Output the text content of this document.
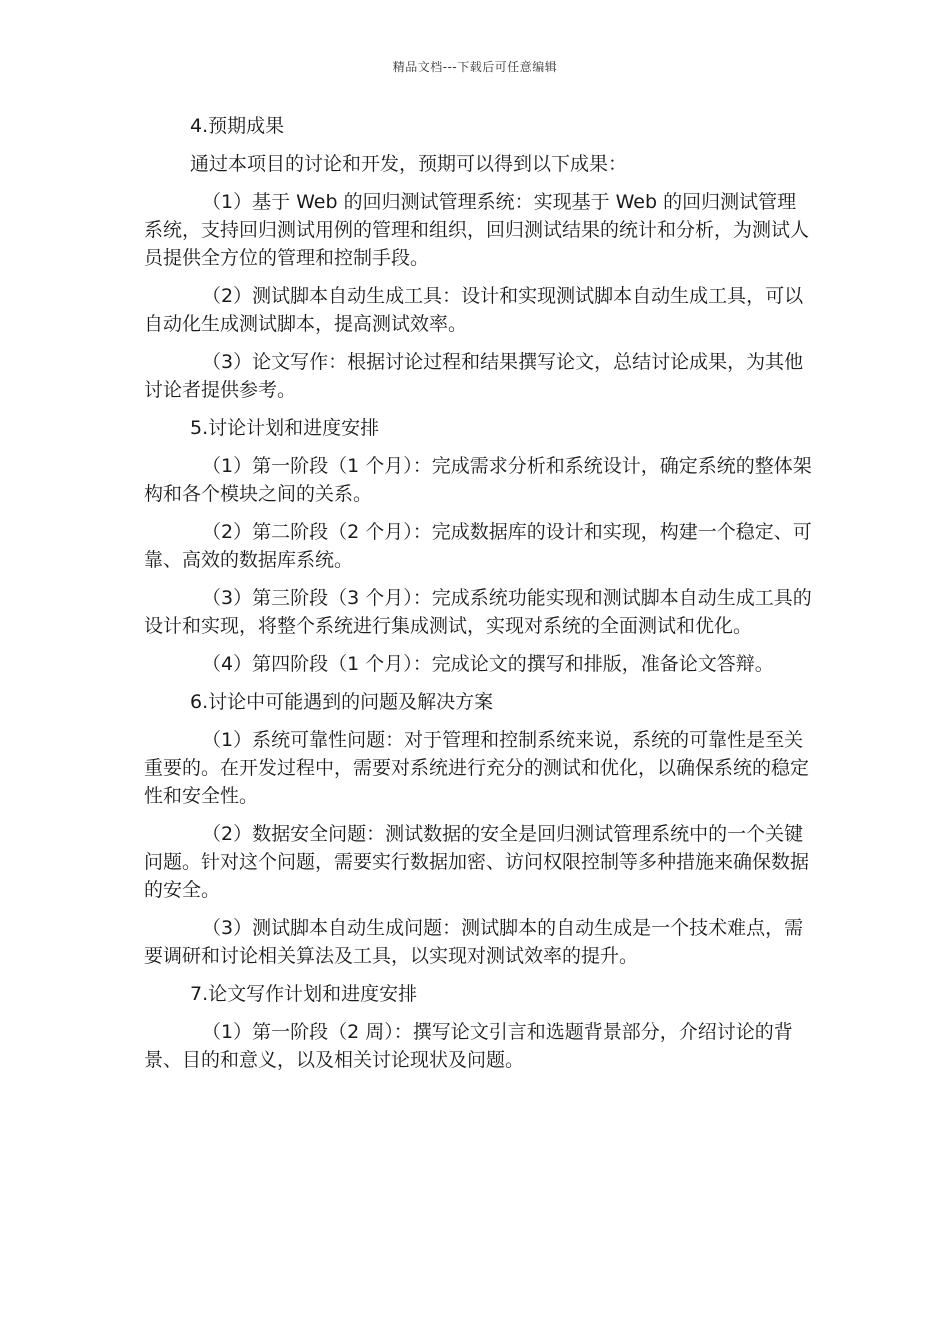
精品文档---下载后可任意编辑

4.预期成果

通过本项目的讨论和开发，预期可以得到以下成果：

（1）基于 Web 的回归测试管理系统：实现基于 Web 的回归测试管理系统，支持回归测试用例的管理和组织，回归测试结果的统计和分析，为测试人员提供全方位的管理和控制手段。

（2）测试脚本自动生成工具：设计和实现测试脚本自动生成工具，可以自动化生成测试脚本，提高测试效率。

（3）论文写作：根据讨论过程和结果撰写论文，总结讨论成果，为其他讨论者提供参考。

5.讨论计划和进度安排

（1）第一阶段（1 个月）：完成需求分析和系统设计，确定系统的整体架构和各个模块之间的关系。

（2）第二阶段（2 个月）：完成数据库的设计和实现，构建一个稳定、可靠、高效的数据库系统。

（3）第三阶段（3 个月）：完成系统功能实现和测试脚本自动生成工具的设计和实现，将整个系统进行集成测试，实现对系统的全面测试和优化。

（4）第四阶段（1 个月）：完成论文的撰写和排版，准备论文答辩。

6.讨论中可能遇到的问题及解决方案

（1）系统可靠性问题：对于管理和控制系统来说，系统的可靠性是至关重要的。在开发过程中，需要对系统进行充分的测试和优化，以确保系统的稳定性和安全性。

（2）数据安全问题：测试数据的安全是回归测试管理系统中的一个关键问题。针对这个问题，需要实行数据加密、访问权限控制等多种措施来确保数据的安全。

（3）测试脚本自动生成问题：测试脚本的自动生成是一个技术难点，需要调研和讨论相关算法及工具，以实现对测试效率的提升。

7.论文写作计划和进度安排

（1）第一阶段（2 周）：撰写论文引言和选题背景部分，介绍讨论的背景、目的和意义，以及相关讨论现状及问题。
